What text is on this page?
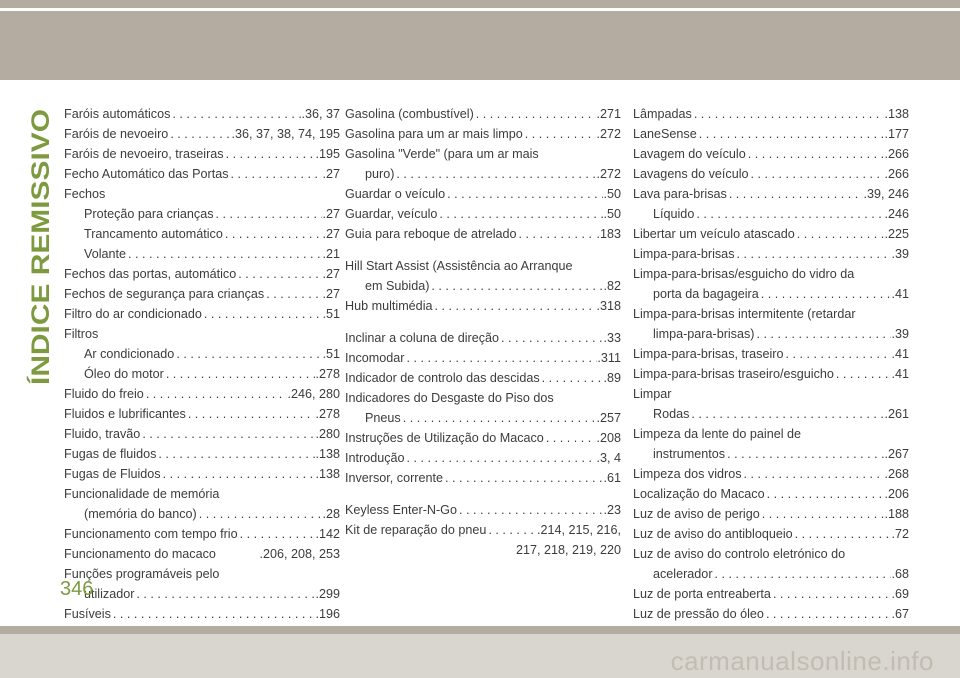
ÍNDICE REMISSIVO
Faróis automáticos . . .	.36, 37
Faróis de nevoeiro . . .	.36, 37, 38, 74, 195
Faróis de nevoeiro, traseiras . . .	.195
Fecho Automático das Portas . . .	.27
Fechos
Proteção para crianças . . .	.27
Trancamento automático . . .	.27
Volante . . .	.21
Fechos das portas, automático . . .	.27
Fechos de segurança para crianças . . .	.27
Filtro do ar condicionado . . .	.51
Filtros
Ar condicionado . . .	.51
Óleo do motor . . .	.278
Fluido do freio . . .	.246, 280
Fluidos e lubrificantes . . .	.278
Fluido, travão . . .	.280
Fugas de fluidos . . .	.138
Fugas de Fluidos . . .	.138
Funcionalidade de memória
(memória do banco) . . .	.28
Funcionamento com tempo frio . . .	.142
Funcionamento do macaco	.206, 208, 253
Funções programáveis pelo
utilizador . . .	.299
Fusíveis . . .	.196
Gasolina (combustível) . . .	.271
Gasolina para um ar mais limpo . . .	.272
Gasolina "Verde" (para um ar mais
puro) . . .	.272
Guardar o veículo . . .	.50
Guardar, veículo . . .	.50
Guia para reboque de atrelado . . .	.183
Hill Start Assist (Assistência ao Arranque
em Subida) . . .	.82
Hub multimédia . . .	.318
Inclinar a coluna de direção . . .	.33
Incomodar . . .	.311
Indicador de controlo das descidas . . .	.89
Indicadores do Desgaste do Piso dos
Pneus . . .	.257
Instruções de Utilização do Macaco . . .	.208
Introdução . . .	.3, 4
Inversor, corrente . . .	.61
Keyless Enter-N-Go . . .	.23
Kit de reparação do pneu . . .	.214, 215, 216,
217, 218, 219, 220
Lâmpadas . . .	.138
LaneSense . . .	.177
Lavagem do veículo . . .	.266
Lavagens do veículo . . .	.266
Lava para-brisas . . .	.39, 246
Líquido . . .	.246
Libertar um veículo atascado . . .	.225
Limpa-para-brisas . . .	.39
Limpa-para-brisas/esguicho do vidro da
porta da bagageira . . .	.41
Limpa-para-brisas intermitente (retardar
limpa-para-brisas) . . .	.39
Limpa-para-brisas, traseiro . . .	.41
Limpa-para-brisas traseiro/esguicho . . .	.41
Limpar
Rodas . . .	.261
Limpeza da lente do painel de
instrumentos . . .	.267
Limpeza dos vidros . . .	.268
Localização do Macaco . . .	.206
Luz de aviso de perigo . . .	.188
Luz de aviso do antibloqueio . . .	.72
Luz de aviso do controlo eletrónico do
acelerador . . .	.68
Luz de porta entreaberta . . .	.69
Luz de pressão do óleo . . .	.67
346
carmanualsonline.info
